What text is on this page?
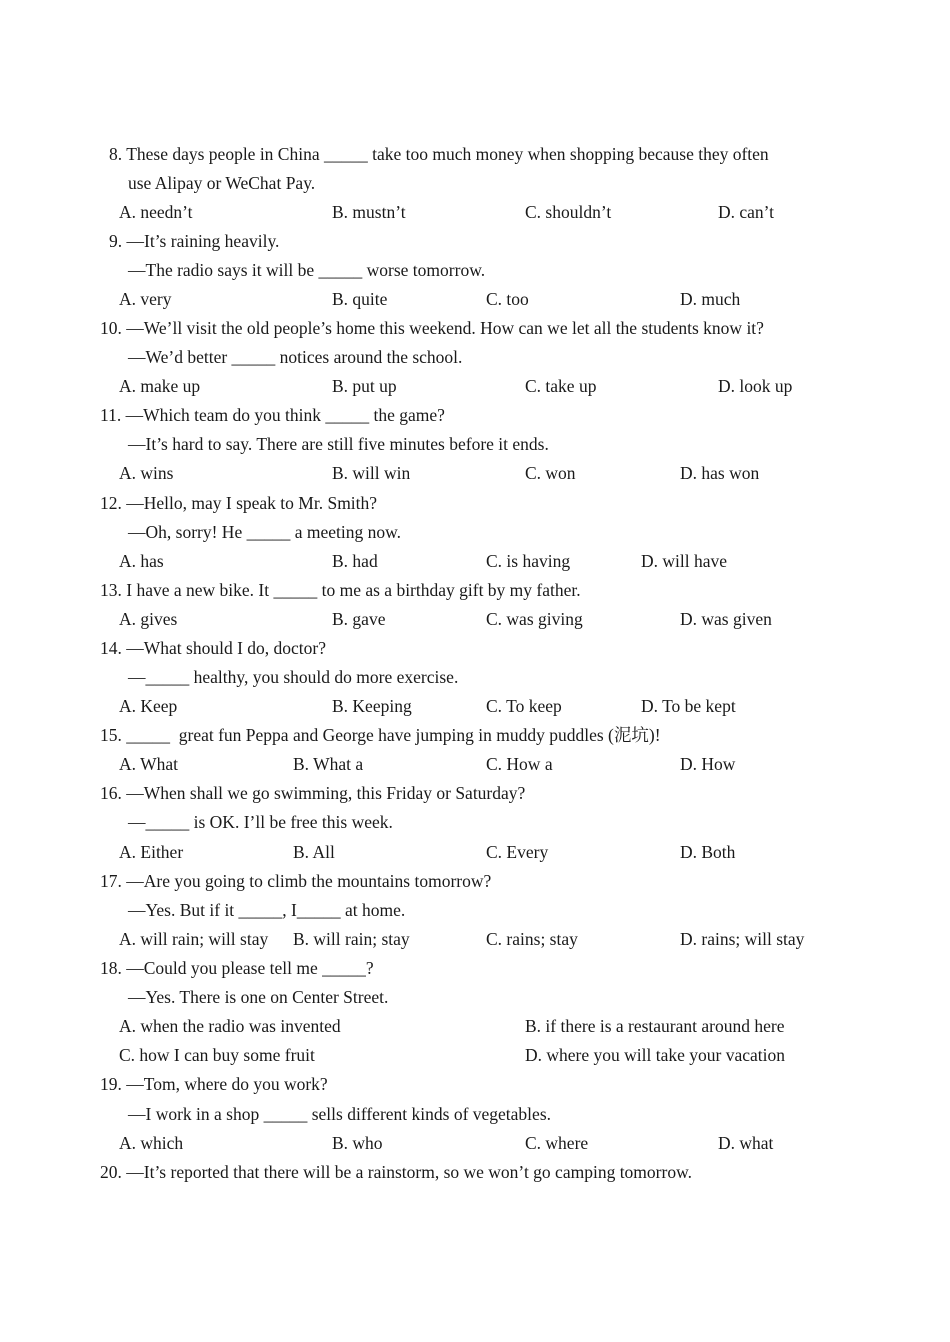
8. These days people in China _____ take too much money when shopping because they often
use Alipay or WeChat Pay.
A. needn’t	B. mustn’t	C. shouldn’t	D. can’t
9. —It’s raining heavily.
—The radio says it will be _____ worse tomorrow.
A. very	B. quite	C. too	D. much
10. —We’ll visit the old people’s home this weekend. How can we let all the students know it?
—We’d better _____ notices around the school.
A. make up	B. put up	C. take up	D. look up
11. —Which team do you think _____ the game?
—It’s hard to say. There are still five minutes before it ends.
A. wins	B. will win	C. won	D. has won
12. —Hello, may I speak to Mr. Smith?
—Oh, sorry! He _____ a meeting now.
A. has	B. had	C. is having	D. will have
13. I have a new bike. It _____ to me as a birthday gift by my father.
A. gives	B. gave	C. was giving	D. was given
14. —What should I do, doctor?
—_____ healthy, you should do more exercise.
A. Keep	B. Keeping	C. To keep	D. To be kept
15. _____  great fun Peppa and George have jumping in muddy puddles (泥坑)!
A. What	B. What a	C. How a	D. How
16. —When shall we go swimming, this Friday or Saturday?
—_____ is OK. I’ll be free this week.
A. Either	B. All	C. Every	D. Both
17. —Are you going to climb the mountains tomorrow?
—Yes. But if it _____, I_____ at home.
A. will rain; will stay B. will rain; stay	C. rains; stay	D. rains; will stay
18. —Could you please tell me _____?
—Yes. There is one on Center Street.
A. when the radio was invented	B. if there is a restaurant around here
C. how I can buy some fruit	D. where you will take your vacation
19. —Tom, where do you work?
—I work in a shop _____ sells different kinds of vegetables.
A. which	B. who	C. where	D. what
20. —It’s reported that there will be a rainstorm, so we won’t go camping tomorrow.
